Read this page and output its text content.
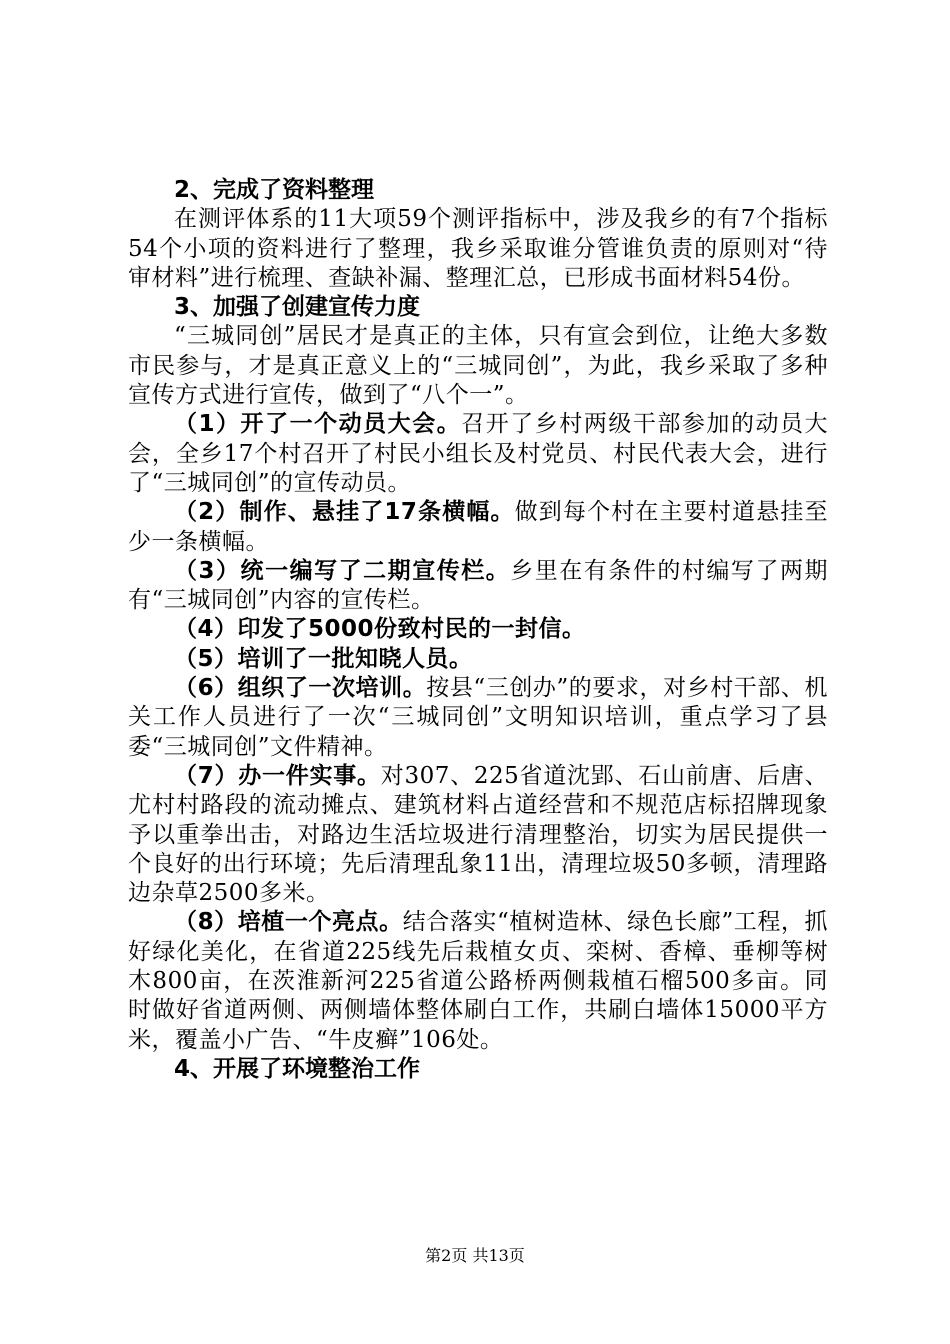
2、完成了资料整理

在测评体系的11大项59个测评指标中，涉及我乡的有7个指标54个小项的资料进行了整理，我乡采取谁分管谁负责的原则对“待审材料”进行梳理、查缺补漏、整理汇总，已形成书面材料54份。

3、加强了创建宣传力度

“三城同创”居民才是真正的主体，只有宣会到位，让绝大多数市民参与，才是真正意义上的“三城同创”，为此，我乡采取了多种宣传方式进行宣传，做到了“八个一”。

（1）开了一个动员大会。召开了乡村两级干部参加的动员大会，全乡17个村召开了村民小组长及村党员、村民代表大会，进行了“三城同创”的宣传动员。

（2）制作、悬挂了17条横幅。做到每个村在主要村道悬挂至少一条横幅。

（3）统一编写了二期宣传栏。乡里在有条件的村编写了两期有“三城同创”内容的宣传栏。

（4）印发了5000份致村民的一封信。

（5）培训了一批知晓人员。

（6）组织了一次培训。按县“三创办”的要求，对乡村干部、机关工作人员进行了一次“三城同创”文明知识培训，重点学习了县委“三城同创”文件精神。

（7）办一件实事。对307、225省道沈郢、石山前唐、后唐、尤村村路段的流动摊点、建筑材料占道经营和不规范店标招牌现象予以重拳出击，对路边生活垃圾进行清理整治，切实为居民提供一个良好的出行环境；先后清理乱象11出，清理垃圾50多顿，清理路边杂草2500多米。

（8）培植一个亮点。结合落实“植树造林、绿色长廊”工程，抓好绿化美化，在省道225线先后栽植女贞、栾树、香樟、垂柳等树木800亩，在茨淮新河225省道公路桥两侧栽植石榴500多亩。同时做好省道两侧、两侧墙体整体刷白工作，共刷白墙体15000平方米，覆盖小广告、“牛皮癣”106处。

4、开展了环境整治工作
第2页 共13页
